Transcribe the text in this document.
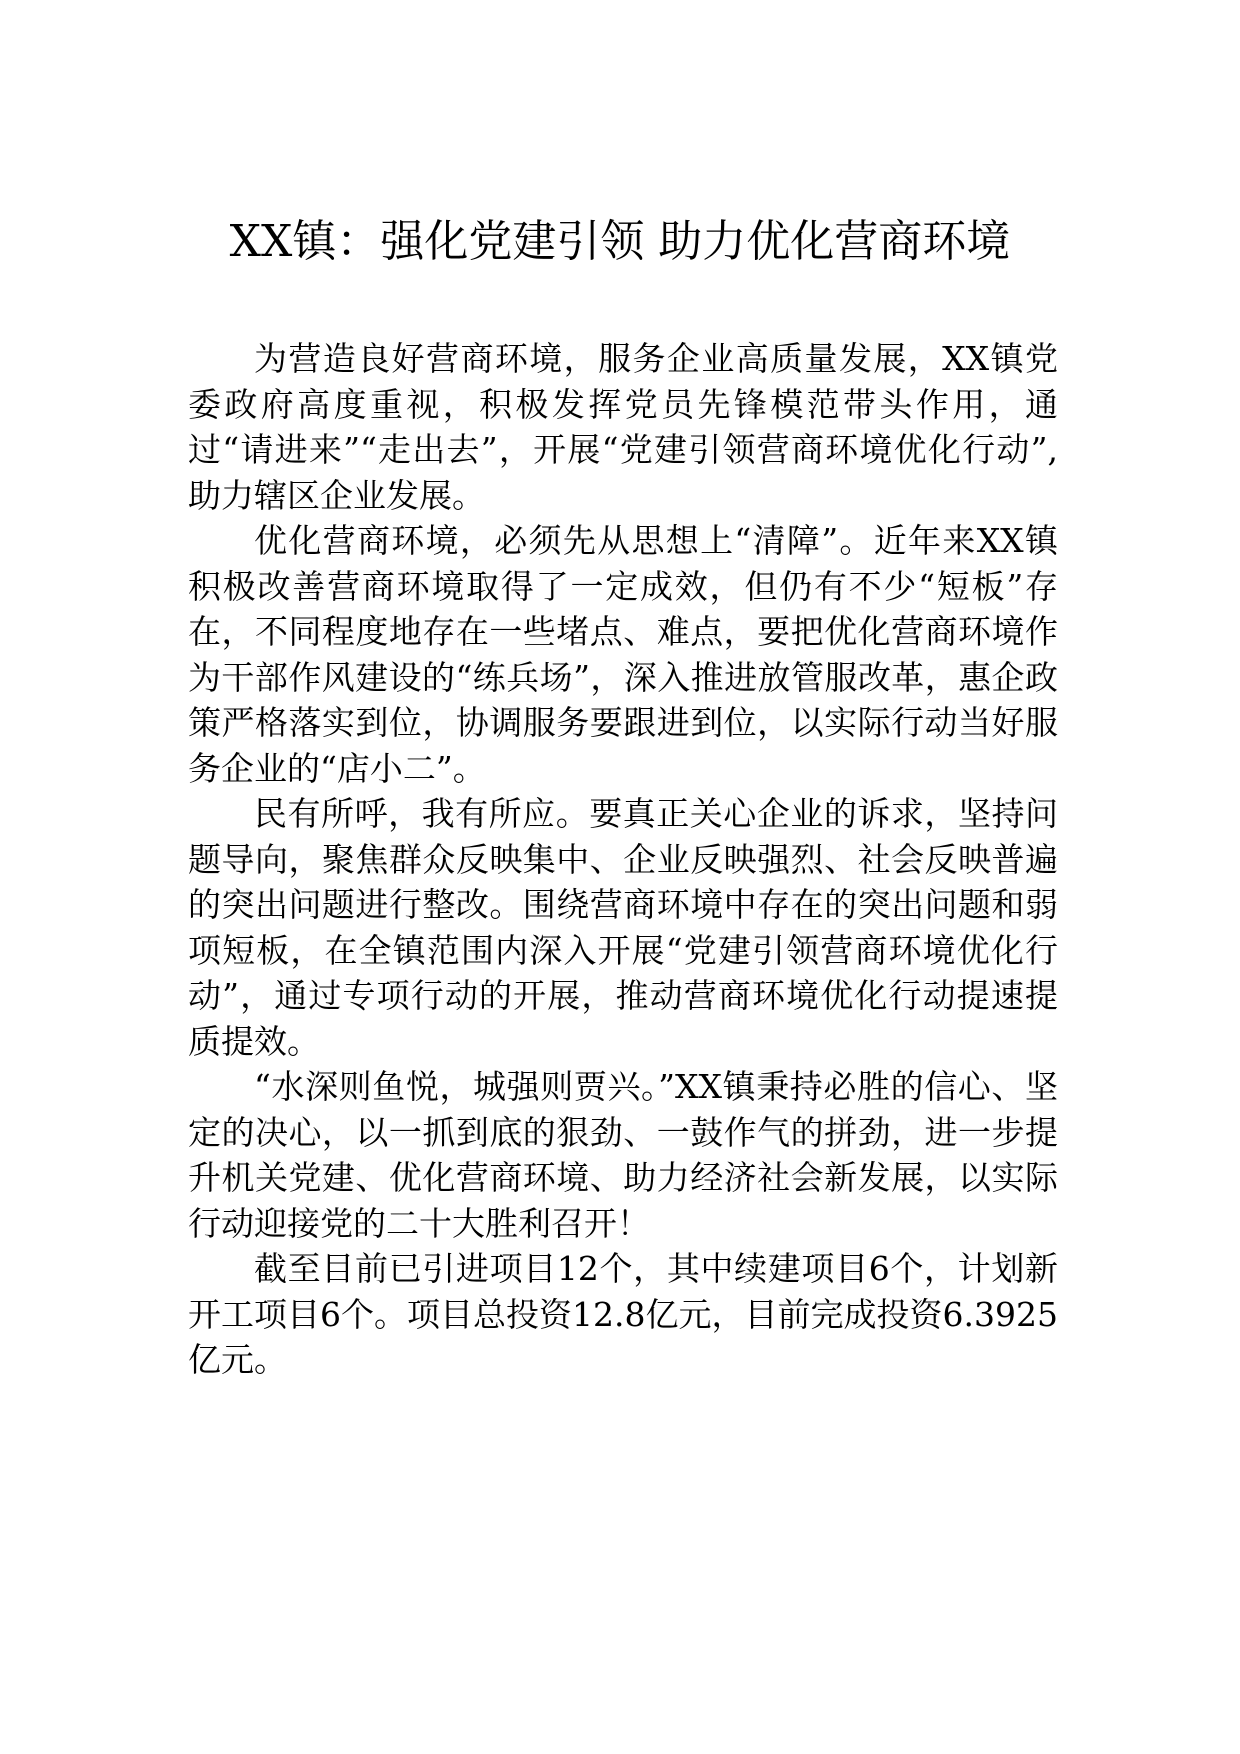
XX镇：强化党建引领 助力优化营商环境

为营造良好营商环境，服务企业高质量发展，XX镇党委政府高度重视，积极发挥党员先锋模范带头作用，通过“请进来”“走出去”，开展“党建引领营商环境优化行动”,助力辖区企业发展。

优化营商环境，必须先从思想上“清障”。近年来XX镇积极改善营商环境取得了一定成效，但仍有不少“短板”存在，不同程度地存在一些堵点、难点，要把优化营商环境作为干部作风建设的“练兵场”，深入推进放管服改革，惠企政策严格落实到位，协调服务要跟进到位，以实际行动当好服务企业的“店小二”。

民有所呼，我有所应。要真正关心企业的诉求，坚持问题导向，聚焦群众反映集中、企业反映强烈、社会反映普遍的突出问题进行整改。围绕营商环境中存在的突出问题和弱项短板，在全镇范围内深入开展“党建引领营商环境优化行动”，通过专项行动的开展，推动营商环境优化行动提速提质提效。

“水深则鱼悦，城强则贾兴。”XX镇秉持必胜的信心、坚定的决心，以一抓到底的狠劲、一鼓作气的拼劲，进一步提升机关党建、优化营商环境、助力经济社会新发展，以实际行动迎接党的二十大胜利召开！

截至目前已引进项目12个，其中续建项目6个，计划新开工项目6个。项目总投资12.8亿元，目前完成投资6.3925亿元。
